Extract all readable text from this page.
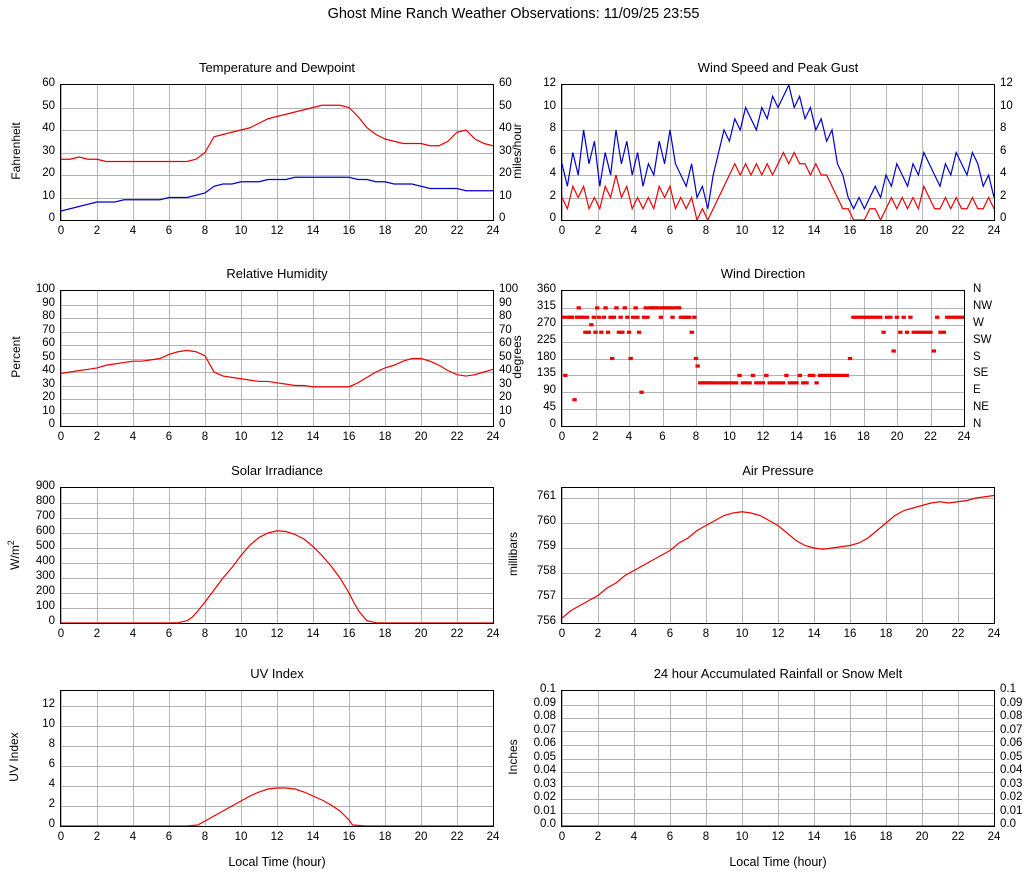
Ghost Mine Ranch Weather Observations: 11/09/25 23:55
Temperature and Dewpoint
0
10
20
30
40
50
60
0
10
20
30
40
50
60
0	2	4	6	8	10	12	14	16	18	20	22	24
Fahrenheit
Wind Speed and Peak Gust
0
2
4
6
8
10
12
0
2
4
6
8
10
12
0	2	4	6	8	10	12	14	16	18	20	22	24
miles/hour
Relative Humidity
0
10
20
30
40
50
60
70
80
90
100
0
10
20
30
40
50
60
70
80
90
100
0	2	4	6	8	10	12	14	16	18	20	22	24
Percent
Wind Direction
0
45
90
135
180
225
270
315
360
N
NE
E
SE
S
SW
W
NW
N
0	2	4	6	8	10	12	14	16	18	20	22	24
degrees
Solar Irradiance
0
100
200
300
400
500
600
700
800
900
0	2	4	6	8	10	12	14	16	18	20	22	24
$W/m^2$
Air Pressure
756
757
758
759
760
761
0	2	4	6	8	10	12	14	16	18	20	22	24
millibars
UV Index
0
2
4
6
8
10
12
0	2	4	6	8	10	12	14	16	18	20	22	24
UV Index
Local Time (hour)
24 hour Accumulated Rainfall or Snow Melt
0.0
0.01
0.02
0.03
0.04
0.05
0.06
0.07
0.08
0.09
0.1
0.0
0.01
0.02
0.03
0.04
0.05
0.06
0.07
0.08
0.09
0.1
0	2	4	6	8	10	12	14	16	18	20	22	24
Inches
Local Time (hour)
